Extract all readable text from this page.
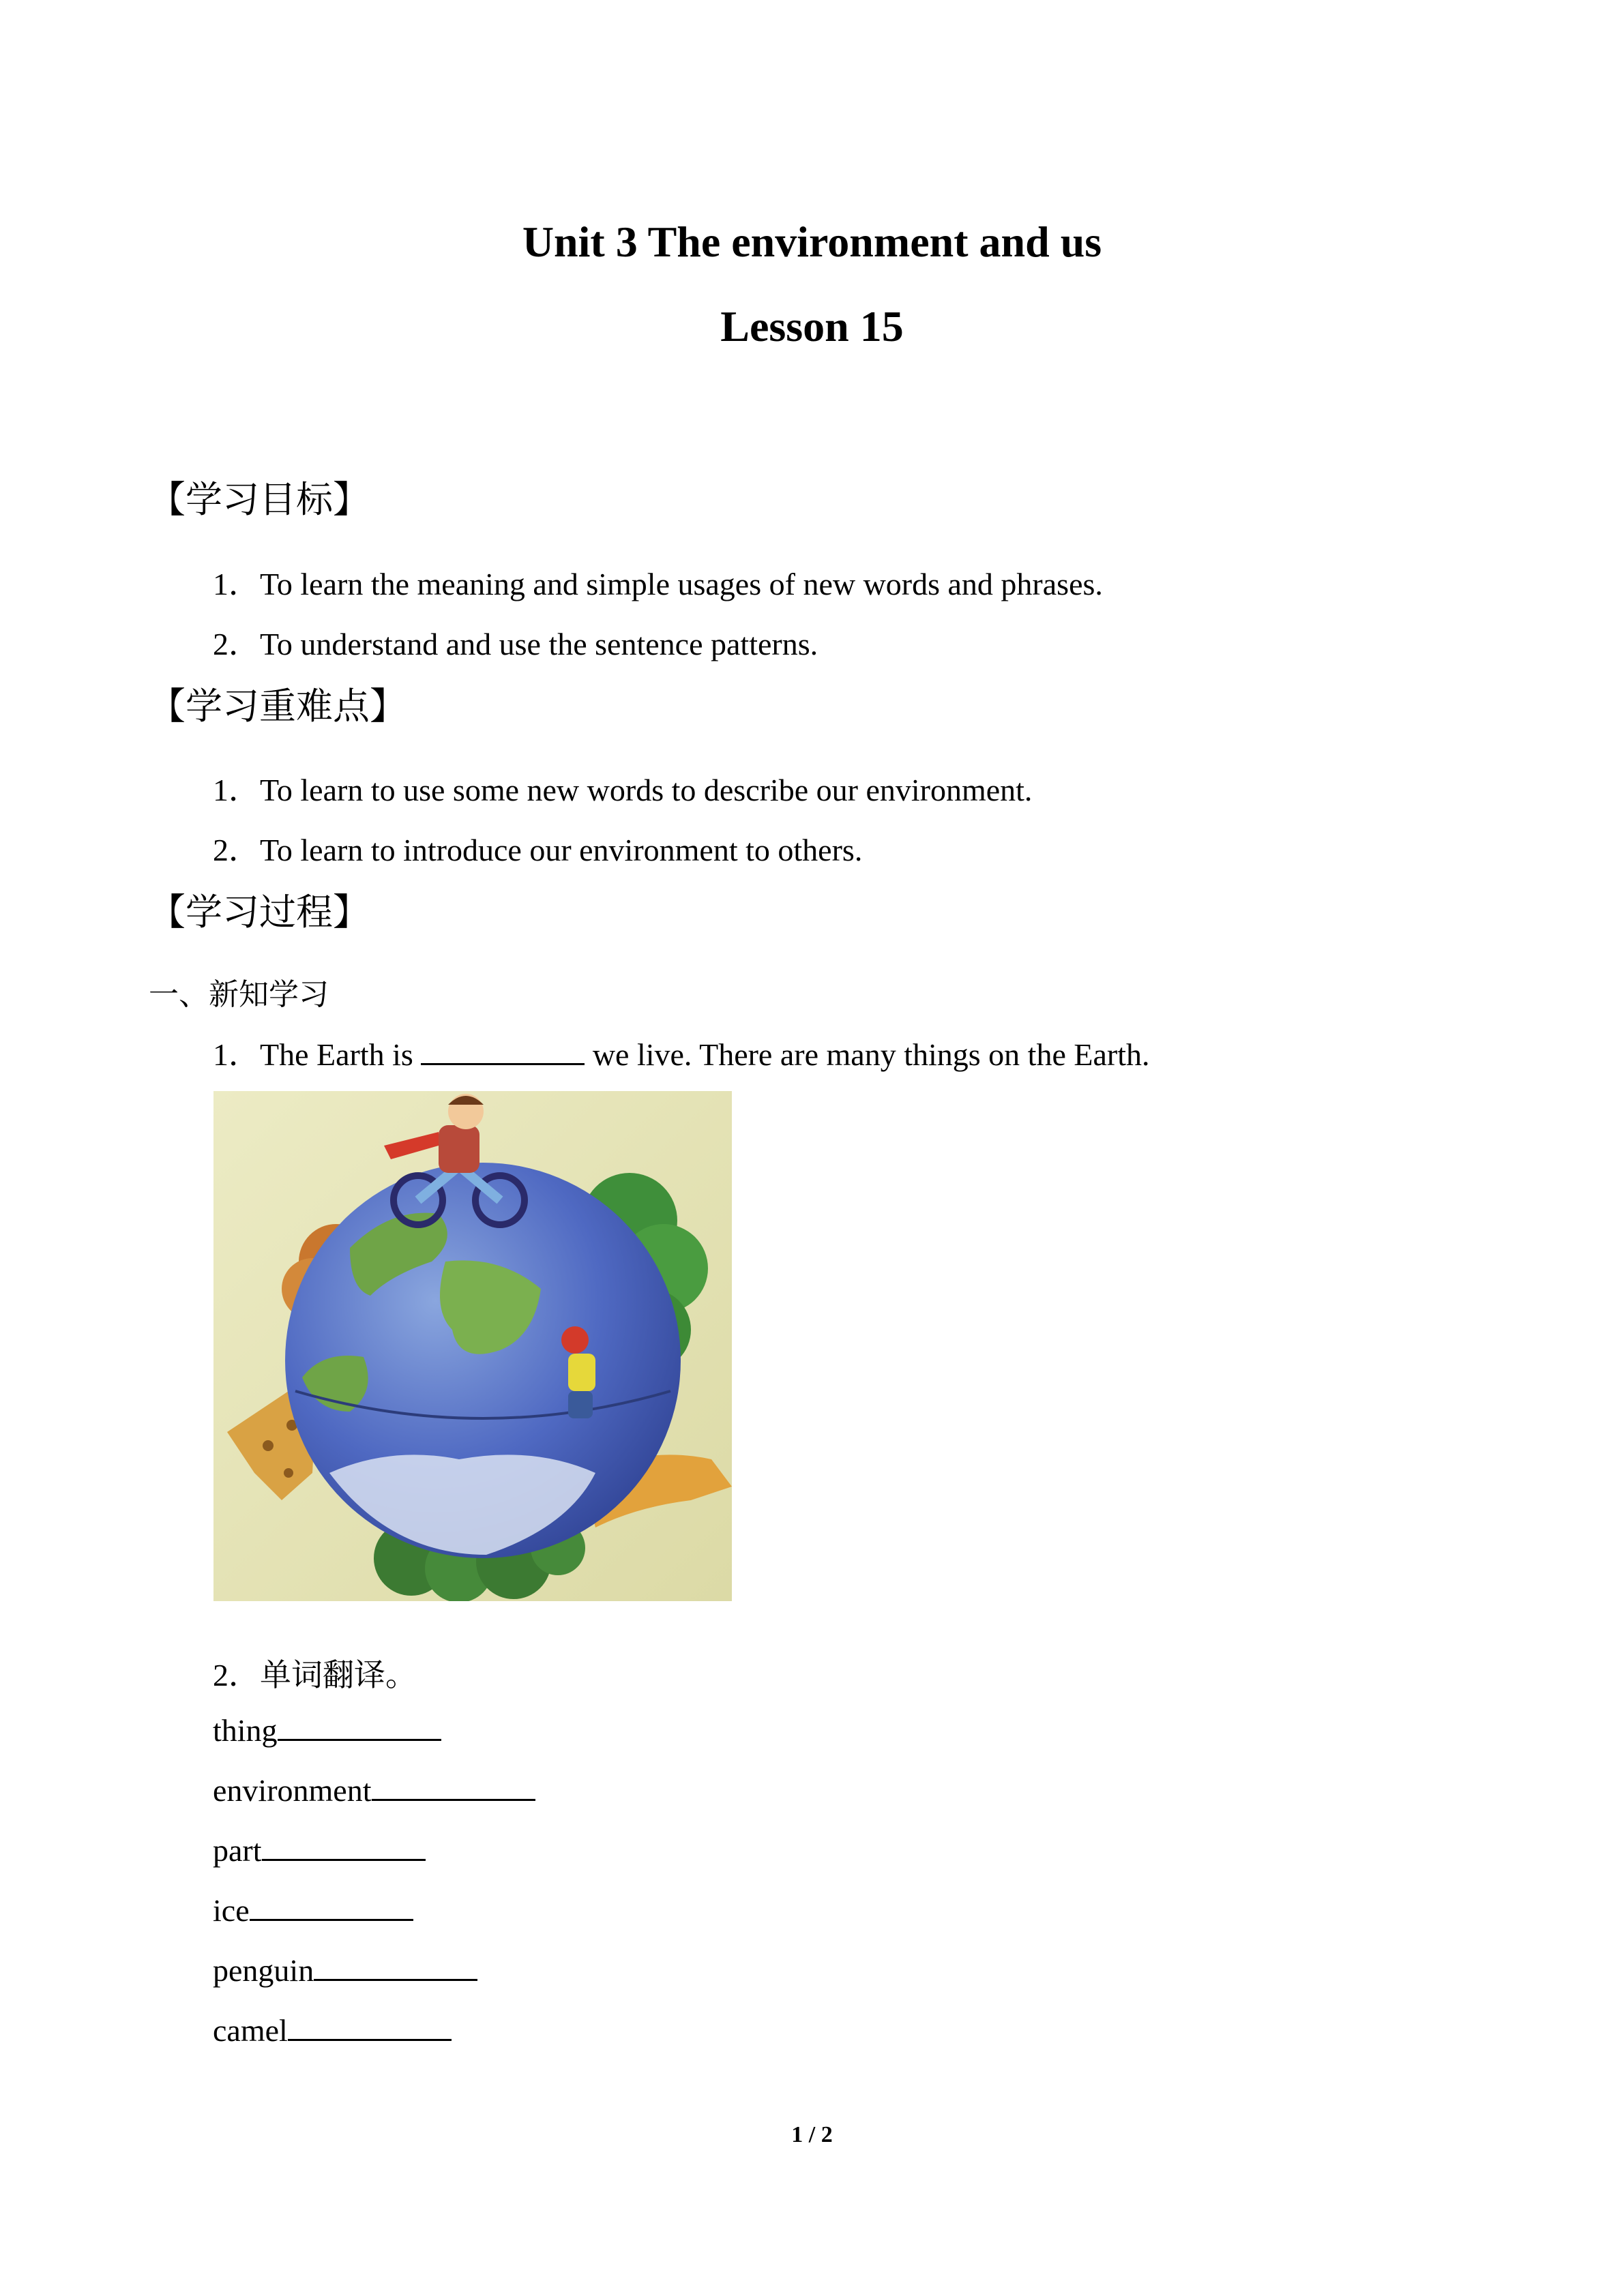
Unit 3 The environment and us
Lesson 15
【学习目标】
1．To learn the meaning and simple usages of new words and phrases.
2．To understand and use the sentence patterns.
【学习重难点】
1．To learn to use some new words to describe our environment.
2．To learn to introduce our environment to others.
【学习过程】
一、新知学习
1．The Earth is	we live. There are many things on the Earth.
2．单词翻译。
thing
environment
part
ice
penguin
camel
1 / 2
